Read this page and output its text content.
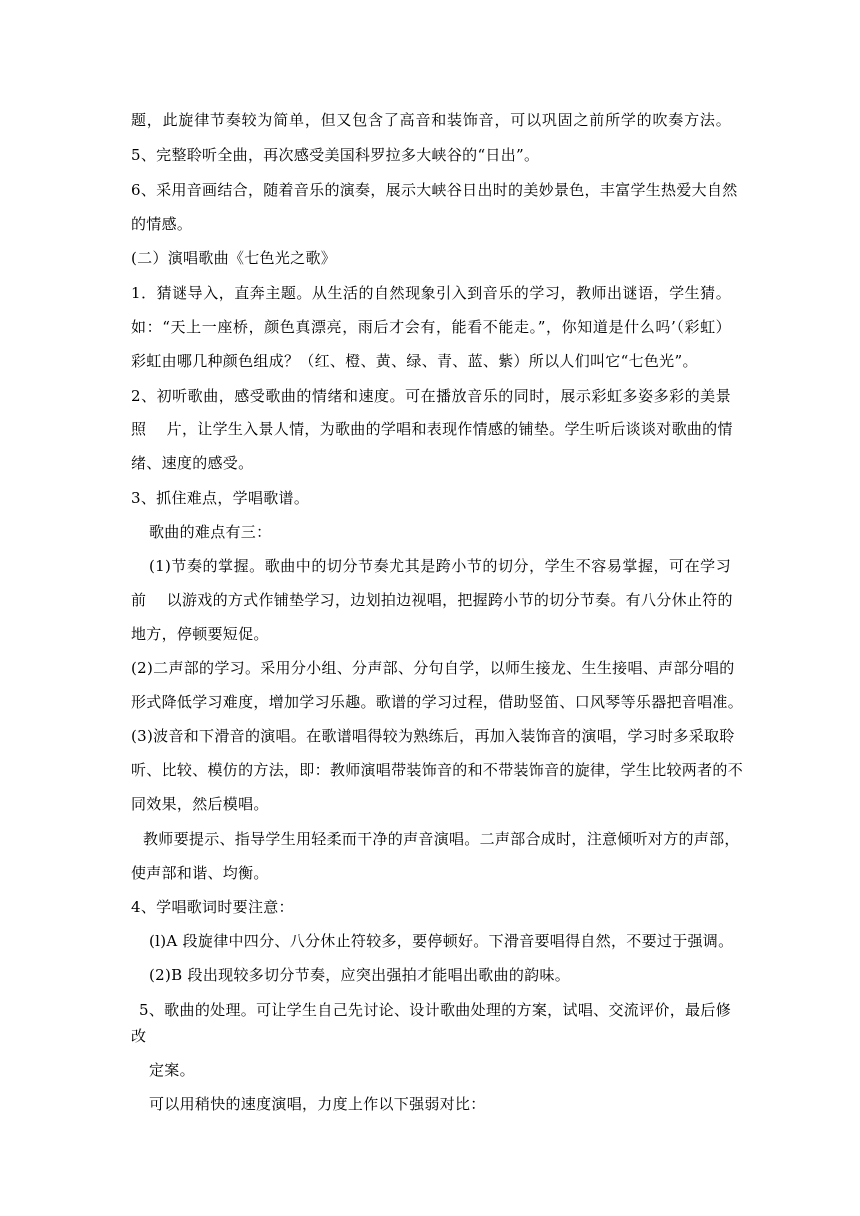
题，此旋律节奏较为简单，但又包含了高音和装饰音，可以巩固之前所学的吹奏方法。
5、完整聆听全曲，再次感受美国科罗拉多大峡谷的“日出”。
6、采用音画结合，随着音乐的演奏，展示大峡谷日出时的美妙景色，丰富学生热爱大自然
的情感。
(二）演唱歌曲《七色光之歌》
1．猜谜导入，直奔主题。从生活的自然现象引入到音乐的学习，教师出谜语，学生猜。
如：“天上一座桥，颜色真漂亮，雨后才会有，能看不能走。”，你知道是什么吗’（彩虹）
彩虹由哪几种颜色组成？（红、橙、黄、绿、青、蓝、紫）所以人们叫它“七色光”。
2、初听歌曲，感受歌曲的情绪和速度。可在播放音乐的同时，展示彩虹多姿多彩的美景
照　 片，让学生入景人情，为歌曲的学唱和表现作情感的铺垫。学生听后谈谈对歌曲的情
绪、速度的感受。
3、抓住难点，学唱歌谱。
歌曲的难点有三：
(1)节奏的掌握。歌曲中的切分节奏尤其是跨小节的切分，学生不容易掌握，可在学习
前　 以游戏的方式作铺垫学习，边划拍边视唱，把握跨小节的切分节奏。有八分休止符的
地方，停顿要短促。
(2)二声部的学习。采用分小组、分声部、分句自学，以师生接龙、生生接唱、声部分唱的
形式降低学习难度，增加学习乐趣。歌谱的学习过程，借助竖笛、口风琴等乐器把音唱准。
(3)波音和下滑音的演唱。在歌谱唱得较为熟练后，再加入装饰音的演唱，学习时多采取聆
听、比较、模仿的方法，即：教师演唱带装饰音的和不带装饰音的旋律，学生比较两者的不
同效果，然后模唱。
教师要提示、指导学生用轻柔而干净的声音演唱。二声部合成时，注意倾听对方的声部，
使声部和谐、均衡。
4、学唱歌词时要注意：
(l)A 段旋律中四分、八分休止符较多，要停顿好。下滑音要唱得自然，不要过于强调。
(2)B 段出现较多切分节奏，应突出强拍才能唱出歌曲的韵味。
5、歌曲的处理。可让学生自己先讨论、设计歌曲处理的方案，试唱、交流评价，最后修
改
定案。
可以用稍快的速度演唱，力度上作以下强弱对比：
